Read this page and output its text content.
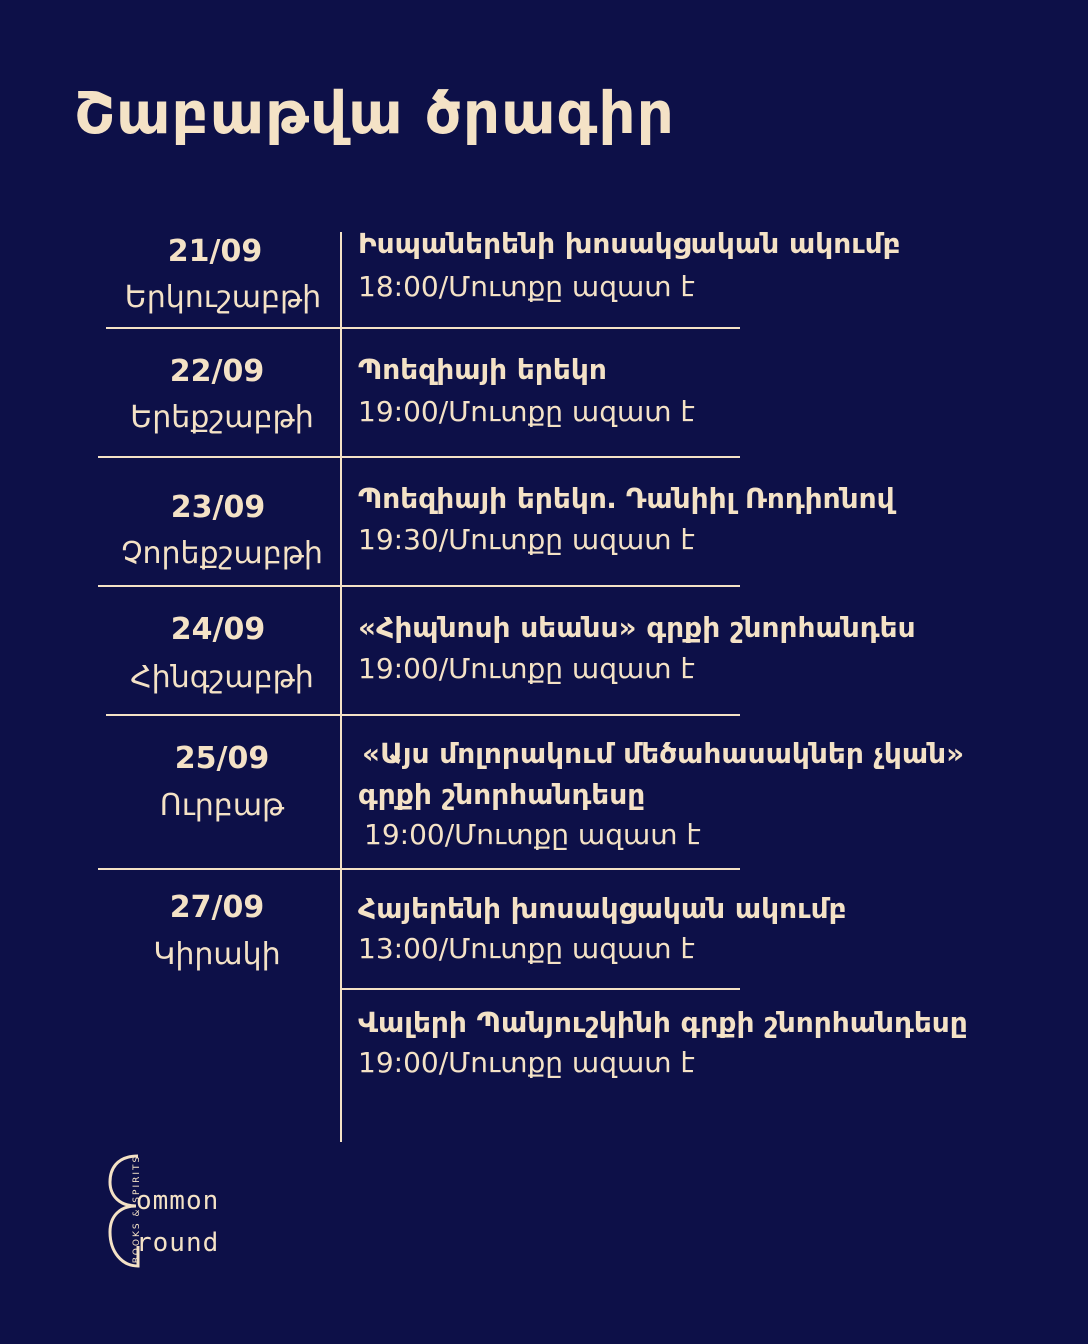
Շաբաթվա ծրագիր
21/09
Երկուշաբթի
Իսպաներենի խոսակցական ակումբ
18:00/Մուտքը ազատ է
22/09
Երեքշաբթի
Պոեզիայի երեկո
19:00/Մուտքը ազատ է
23/09
Չորեքշաբթի
Պոեզիայի երեկո․ Դանիիլ Ռոդիոնով
19:30/Մուտքը ազատ է
24/09
Հինգշաբթի
«Հիպնոսի սեանս» գրքի շնորհանդես
19:00/Մուտքը ազատ է
25/09
Ուրբաթ
«Այս մոլորակում մեծահասակներ չկան»
գրքի շնորհանդեսը
19:00/Մուտքը ազատ է
27/09
Կիրակի
Հայերենի խոսակցական ակումբ
13:00/Մուտքը ազատ է
Վալերի Պանյուշկինի գրքի շնորհանդեսը
19:00/Մուտքը ազատ է
BOOKS & SPIRITS
ommon
round
